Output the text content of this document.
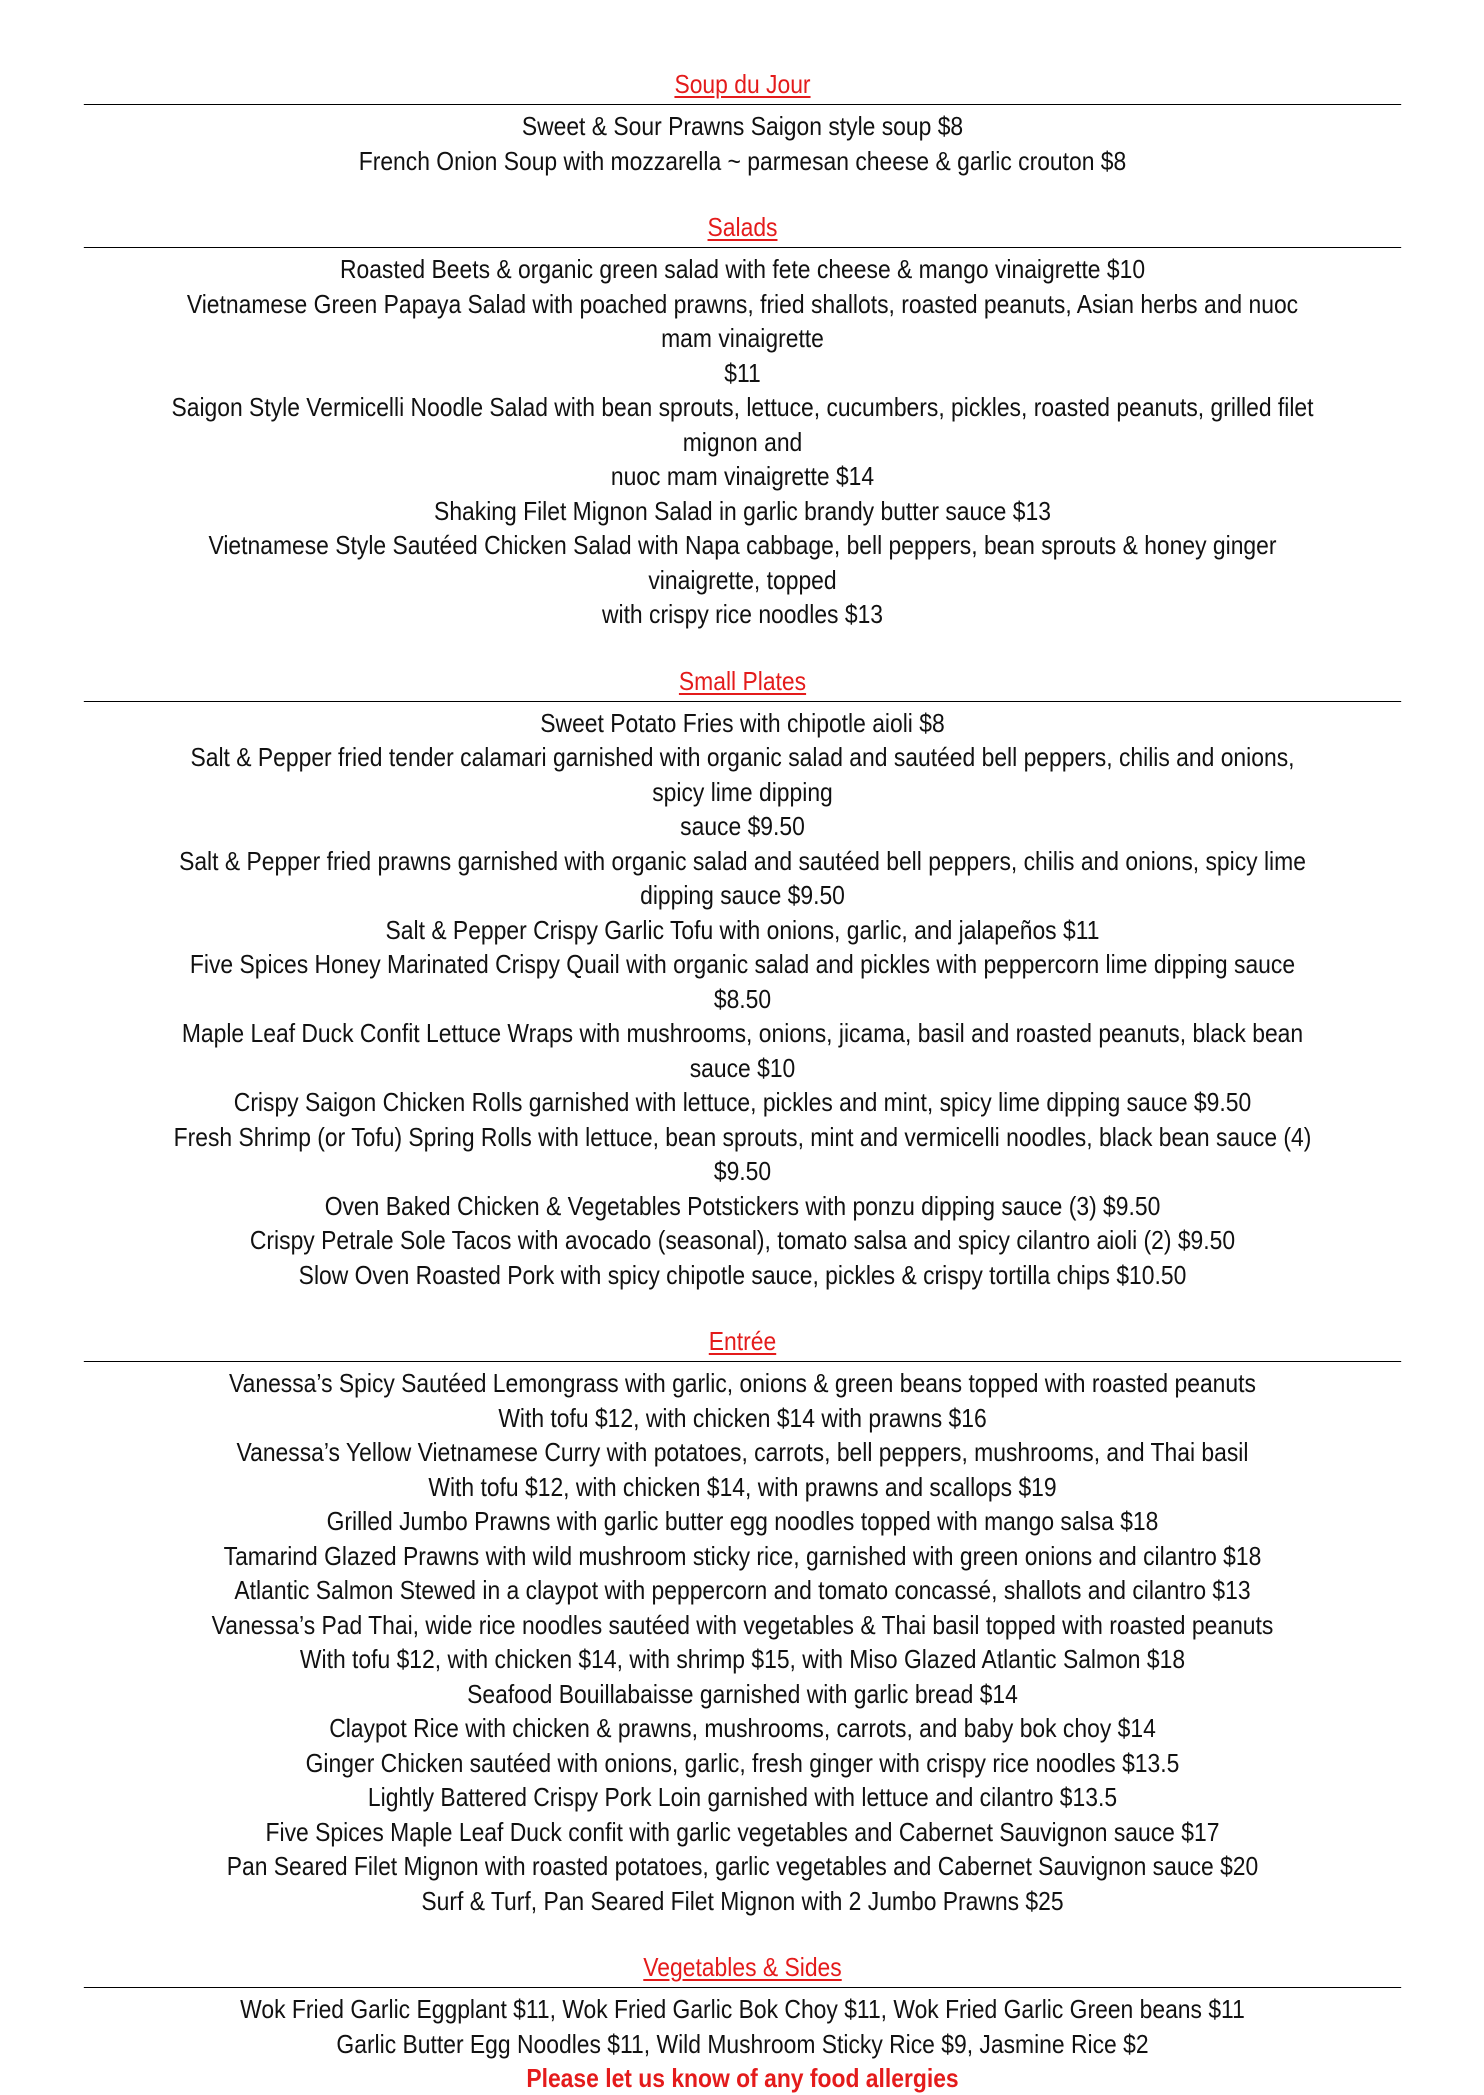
Soup du Jour

Sweet & Sour Prawns Saigon style soup $8

French Onion Soup with mozzarella ~ parmesan cheese & garlic crouton $8

Salads

Roasted Beets & organic green salad with fete cheese & mango vinaigrette $10

Vietnamese Green Papaya Salad with poached prawns, fried shallots, roasted peanuts, Asian herbs and nuoc mam vinaigrette

$11

Saigon Style Vermicelli Noodle Salad with bean sprouts, lettuce, cucumbers, pickles, roasted peanuts, grilled filet mignon and

nuoc mam vinaigrette $14

Shaking Filet Mignon Salad in garlic brandy butter sauce $13

Vietnamese Style Sautéed Chicken Salad with Napa cabbage, bell peppers, bean sprouts & honey ginger vinaigrette, topped

with crispy rice noodles $13

Small Plates

Sweet Potato Fries with chipotle aioli $8

Salt & Pepper fried tender calamari garnished with organic salad and sautéed bell peppers, chilis and onions, spicy lime dipping

sauce $9.50

Salt & Pepper fried prawns garnished with organic salad and sautéed bell peppers, chilis and onions, spicy lime

dipping sauce $9.50

Salt & Pepper Crispy Garlic Tofu with onions, garlic, and jalapeños $11

Five Spices Honey Marinated Crispy Quail with organic salad and pickles with peppercorn lime dipping sauce $8.50

Maple Leaf Duck Confit Lettuce Wraps with mushrooms, onions, jicama, basil and roasted peanuts, black bean sauce $10

Crispy Saigon Chicken Rolls garnished with lettuce, pickles and mint, spicy lime dipping sauce $9.50

Fresh Shrimp (or Tofu) Spring Rolls with lettuce, bean sprouts, mint and vermicelli noodles, black bean sauce (4) $9.50

Oven Baked Chicken & Vegetables Potstickers with ponzu dipping sauce (3) $9.50

Crispy Petrale Sole Tacos with avocado (seasonal), tomato salsa and spicy cilantro aioli (2) $9.50

Slow Oven Roasted Pork with spicy chipotle sauce, pickles & crispy tortilla chips $10.50

Entrée

Vanessa’s Spicy Sautéed Lemongrass with garlic, onions & green beans topped with roasted peanuts

With tofu $12, with chicken $14 with prawns $16

Vanessa’s Yellow Vietnamese Curry with potatoes, carrots, bell peppers, mushrooms, and Thai basil

With tofu $12, with chicken $14, with prawns and scallops $19

Grilled Jumbo Prawns with garlic butter egg noodles topped with mango salsa $18

Tamarind Glazed Prawns with wild mushroom sticky rice, garnished with green onions and cilantro $18

Atlantic Salmon Stewed in a claypot with peppercorn and tomato concassé, shallots and cilantro $13

Vanessa’s Pad Thai, wide rice noodles sautéed with vegetables & Thai basil topped with roasted peanuts

With tofu $12, with chicken $14, with shrimp $15, with Miso Glazed Atlantic Salmon $18

Seafood Bouillabaisse garnished with garlic bread $14

Claypot Rice with chicken & prawns, mushrooms, carrots, and baby bok choy $14

Ginger Chicken sautéed with onions, garlic, fresh ginger with crispy rice noodles $13.5

Lightly Battered Crispy Pork Loin garnished with lettuce and cilantro $13.5

Five Spices Maple Leaf Duck confit with garlic vegetables and Cabernet Sauvignon sauce $17

Pan Seared Filet Mignon with roasted potatoes, garlic vegetables and Cabernet Sauvignon sauce $20

Surf & Turf, Pan Seared Filet Mignon with 2 Jumbo Prawns $25

Vegetables & Sides

Wok Fried Garlic Eggplant $11, Wok Fried Garlic Bok Choy $11, Wok Fried Garlic Green beans $11

Garlic Butter Egg Noodles $11, Wild Mushroom Sticky Rice $9, Jasmine Rice $2

Please let us know of any food allergies
